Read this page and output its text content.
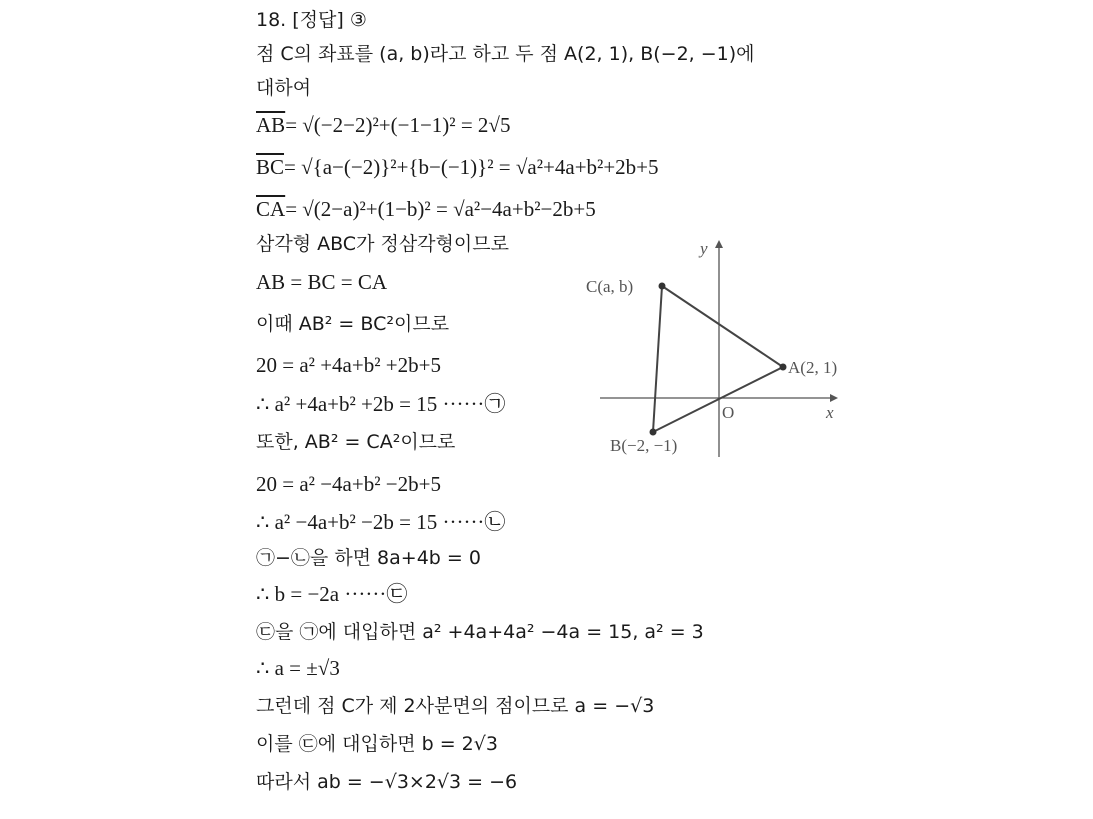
18. [정답] ③
점 C의 좌표를 (a, b)라고 하고 두 점 A(2, 1), B(−2, −1)에
대하여
$\overline{AB}= √(-2-2)^2+(-1-1)^2 = 2√5$
$\overline{BC}= √\{a-(-2)\}^2+\{b-(-1)\}^2 = √a^2+4a+b^2+2b+5$
$\overline{CA}= √(2-a)^2+(1-b)^2 = √a^2-4a+b^2-2b+5$
삼각형 ABC가 정삼각형이므로
AB = BC = CA
이때 AB² = BC²이므로
20 = a² +4a+b² +2b+5
∴ a² +4a+b² +2b = 15 ······㉠
또한, AB² = CA²이므로
20 = a² −4a+b² −2b+5
∴ a² −4a+b² −2b = 15 ······㉡
㉠−㉡을 하면 8a+4b = 0
∴ b = −2a ······㉢
㉢을 ㉠에 대입하면 a² +4a+4a² −4a = 15, a² = 3
∴ a = ±√3
그런데 점 C가 제 2사분면의 점이므로 a = −√3
이를 ㉢에 대입하면 b = 2√3
따라서 ab = −√3×2√3 = −6
C(a, b)
A(2, 1)
B(−2, −1)
O	x
y
